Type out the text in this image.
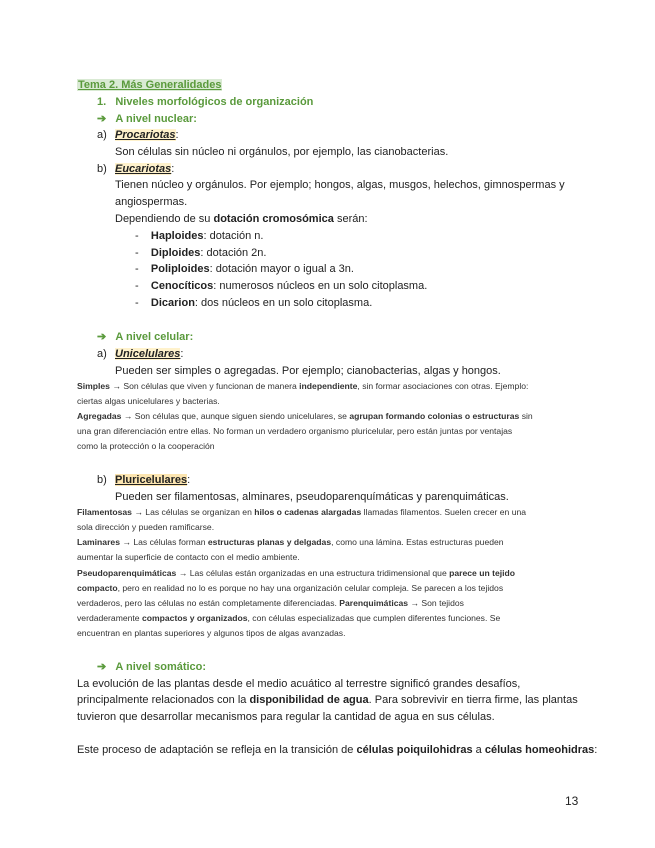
Tema 2. Más Generalidades
1. Niveles morfológicos de organización
➔ A nivel nuclear:
a) Procariotas:
Son células sin núcleo ni orgánulos, por ejemplo, las cianobacterias.
b) Eucariotas:
Tienen núcleo y orgánulos. Por ejemplo; hongos, algas, musgos, helechos, gimnospermas y
angiospermas.
Dependiendo de su dotación cromosómica serán:
- Haploides: dotación n.
- Diploides: dotación 2n.
- Poliploides: dotación mayor o igual a 3n.
- Cenocíticos: numerosos núcleos en un solo citoplasma.
- Dicarion: dos núcleos en un solo citoplasma.
➔ A nivel celular:
a) Unicelulares:
Pueden ser simples o agregadas. Por ejemplo; cianobacterias, algas y hongos.
Simples → Son células que viven y funcionan de manera independiente, sin formar asociaciones con otras. Ejemplo:
ciertas algas unicelulares y bacterias.
Agregadas → Son células que, aunque siguen siendo unicelulares, se agrupan formando colonias o estructuras sin
una gran diferenciación entre ellas. No forman un verdadero organismo pluricelular, pero están juntas por ventajas
como la protección o la cooperación
b) Pluricelulares:
Pueden ser filamentosas, alminares, pseudoparenquímáticas y parenquimáticas.
Filamentosas → Las células se organizan en hilos o cadenas alargadas llamadas filamentos. Suelen crecer en una
sola dirección y pueden ramificarse.
Laminares → Las células forman estructuras planas y delgadas, como una lámina. Estas estructuras pueden
aumentar la superficie de contacto con el medio ambiente.
Pseudoparenquimáticas → Las células están organizadas en una estructura tridimensional que parece un tejido
compacto, pero en realidad no lo es porque no hay una organización celular compleja. Se parecen a los tejidos
verdaderos, pero las células no están completamente diferenciadas. Parenquimáticas → Son tejidos
verdaderamente compactos y organizados, con células especializadas que cumplen diferentes funciones. Se
encuentran en plantas superiores y algunos tipos de algas avanzadas.
➔ A nivel somático:
La evolución de las plantas desde el medio acuático al terrestre significó grandes desafíos,
principalmente relacionados con la disponibilidad de agua. Para sobrevivir en tierra firme, las plantas
tuvieron que desarrollar mecanismos para regular la cantidad de agua en sus células.
Este proceso de adaptación se refleja en la transición de células poiquilohidras a células homeohidras:
13
